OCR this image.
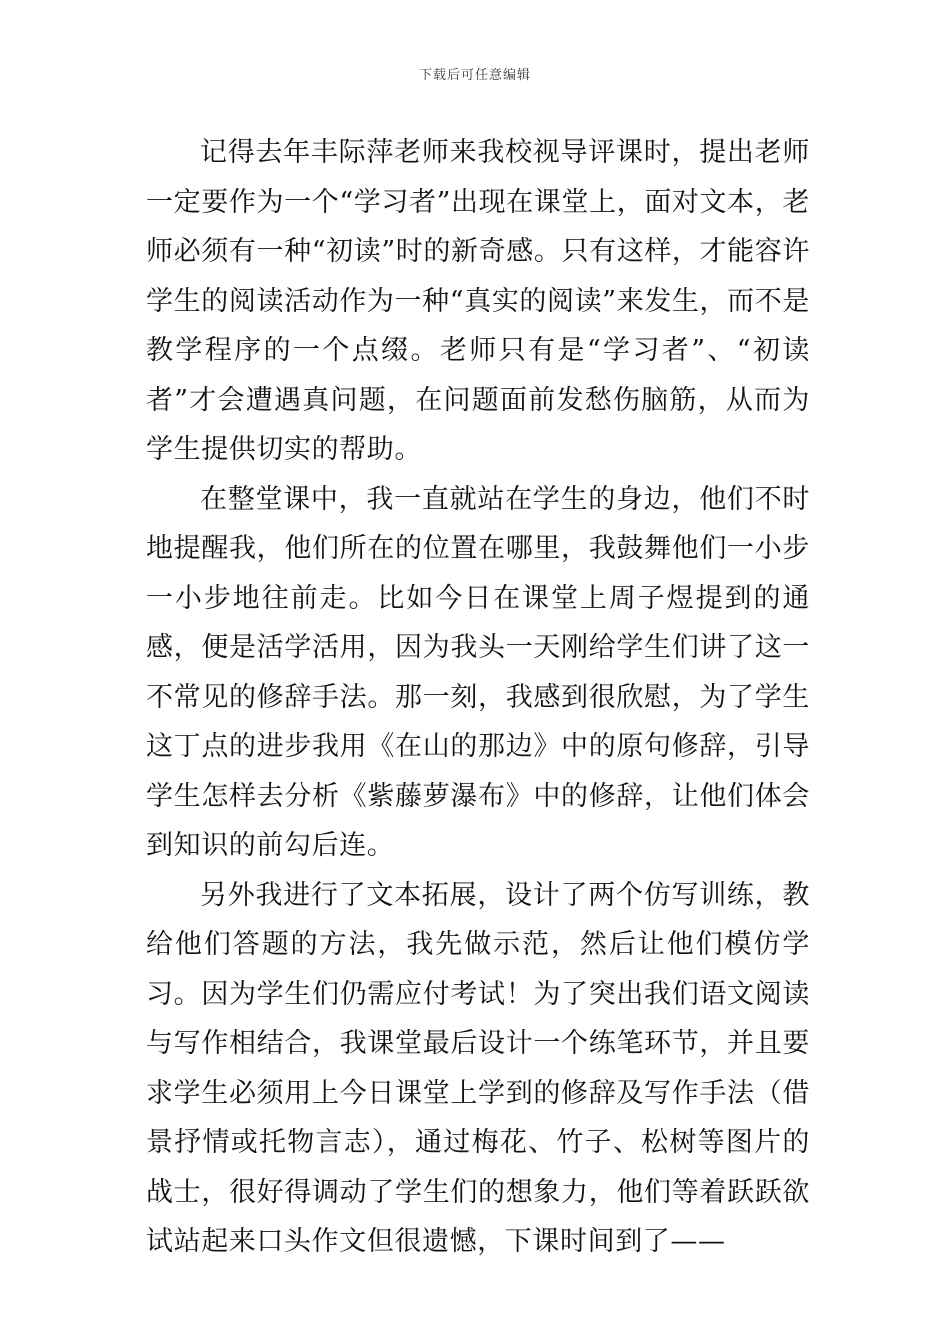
下载后可任意编辑

记得去年丰际萍老师来我校视导评课时，提出老师一定要作为一个“学习者”出现在课堂上，面对文本，老师必须有一种“初读”时的新奇感。只有这样，才能容许学生的阅读活动作为一种“真实的阅读”来发生，而不是教学程序的一个点缀。老师只有是“学习者”、“初读者”才会遭遇真问题，在问题面前发愁伤脑筋，从而为学生提供切实的帮助。

在整堂课中，我一直就站在学生的身边，他们不时地提醒我，他们所在的位置在哪里，我鼓舞他们一小步一小步地往前走。比如今日在课堂上周子煜提到的通感，便是活学活用，因为我头一天刚给学生们讲了这一不常见的修辞手法。那一刻，我感到很欣慰，为了学生这丁点的进步我用《在山的那边》中的原句修辞，引导学生怎样去分析《紫藤萝瀑布》中的修辞，让他们体会到知识的前勾后连。

另外我进行了文本拓展，设计了两个仿写训练，教给他们答题的方法，我先做示范，然后让他们模仿学习。因为学生们仍需应付考试！为了突出我们语文阅读与写作相结合，我课堂最后设计一个练笔环节，并且要求学生必须用上今日课堂上学到的修辞及写作手法（借景抒情或托物言志），通过梅花、竹子、松树等图片的战士，很好得调动了学生们的想象力，他们等着跃跃欲试站起来口头作文但很遗憾，下课时间到了——
